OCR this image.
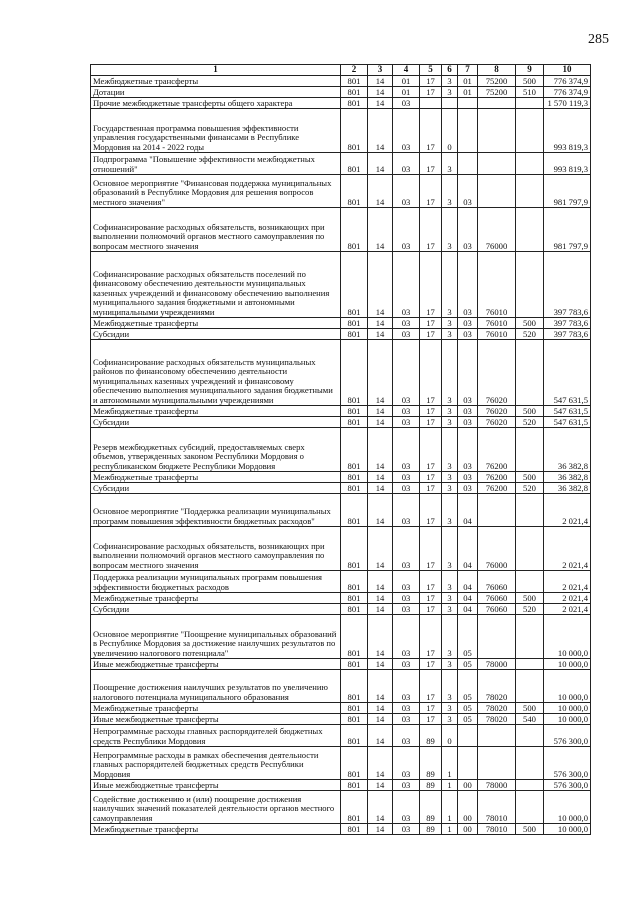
285
1	2	3	4	5	6	7	8	9	10
Межбюджетные трансферты	801	14	01	17	3	01	75200	500	776 374,9
Дотации	801	14	01	17	3	01	75200	510	776 374,9
Прочие межбюджетные трансферты общего характера	801	14	03						1 570 119,3
Государственная программа повышения эффективности управления государственными финансами в Республике Мордовия на 2014 - 2022 годы	801	14	03	17	0				993 819,3
Подпрограмма "Повышение эффективности межбюджетных отношений"	801	14	03	17	3				993 819,3
Основное мероприятие "Финансовая поддержка муниципальных образований в Республике Мордовия для решения вопросов местного значения"	801	14	03	17	3	03			981 797,9
Софинансирование расходных обязательств, возникающих при выполнении полномочий органов местного самоуправления по вопросам местного значения	801	14	03	17	3	03	76000		981 797,9
Софинансирование расходных обязательств поселений по финансовому обеспечению деятельности муниципальных казенных учреждений и финансовому обеспечению выполнения муниципального задания бюджетными и автономными муниципальными учреждениями	801	14	03	17	3	03	76010		397 783,6
Межбюджетные трансферты	801	14	03	17	3	03	76010	500	397 783,6
Субсидии	801	14	03	17	3	03	76010	520	397 783,6
Софинансирование расходных обязательств муниципальных районов по финансовому обеспечению деятельности муниципальных казенных учреждений и финансовому обеспечению выполнения муниципального задания бюджетными и автономными муниципальными учреждениями	801	14	03	17	3	03	76020		547 631,5
Межбюджетные трансферты	801	14	03	17	3	03	76020	500	547 631,5
Субсидии	801	14	03	17	3	03	76020	520	547 631,5
Резерв межбюджетных субсидий, предоставляемых сверх объемов, утвержденных законом Республики Мордовия о республиканском бюджете Республики Мордовия	801	14	03	17	3	03	76200		36 382,8
Межбюджетные трансферты	801	14	03	17	3	03	76200	500	36 382,8
Субсидии	801	14	03	17	3	03	76200	520	36 382,8
Основное мероприятие "Поддержка реализации муниципальных программ повышения эффективности бюджетных расходов"	801	14	03	17	3	04			2 021,4
Софинансирование расходных обязательств, возникающих при выполнении полномочий органов местного самоуправления по вопросам местного значения	801	14	03	17	3	04	76000		2 021,4
Поддержка реализации муниципальных программ повышения эффективности бюджетных расходов	801	14	03	17	3	04	76060		2 021,4
Межбюджетные трансферты	801	14	03	17	3	04	76060	500	2 021,4
Субсидии	801	14	03	17	3	04	76060	520	2 021,4
Основное мероприятие "Поощрение муниципальных образований в Республике Мордовия за достижение наилучших результатов по увеличению налогового потенциала"	801	14	03	17	3	05			10 000,0
Иные межбюджетные трансферты	801	14	03	17	3	05	78000		10 000,0
Поощрение достижения наилучших результатов по увеличению налогового потенциала муниципального образования	801	14	03	17	3	05	78020		10 000,0
Межбюджетные трансферты	801	14	03	17	3	05	78020	500	10 000,0
Иные межбюджетные трансферты	801	14	03	17	3	05	78020	540	10 000,0
Непрограммные расходы главных распорядителей бюджетных средств Республики Мордовия	801	14	03	89	0				576 300,0
Непрограммные расходы в рамках обеспечения деятельности главных распорядителей бюджетных средств Республики Мордовия	801	14	03	89	1				576 300,0
Иные межбюджетные трансферты	801	14	03	89	1	00	78000		576 300,0
Содействие достижению и (или) поощрение достижения наилучших значений показателей деятельности органов местного самоуправления	801	14	03	89	1	00	78010		10 000,0
Межбюджетные трансферты	801	14	03	89	1	00	78010	500	10 000,0
